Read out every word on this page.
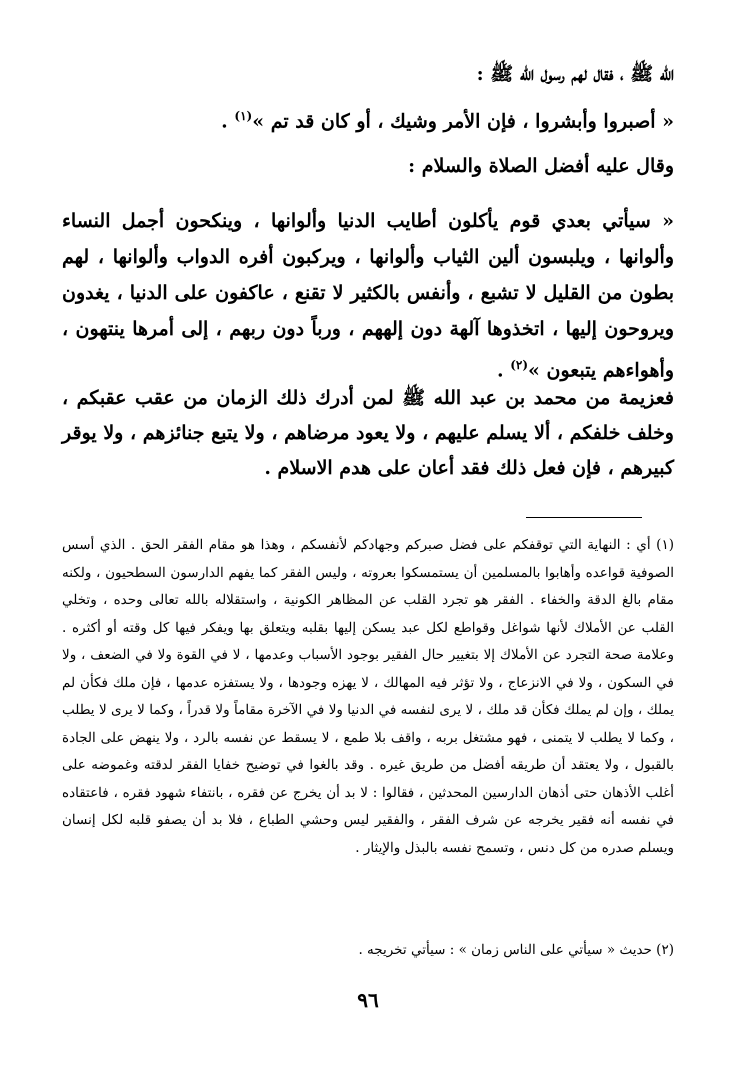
الله ﷺ ، فقال لهم رسول الله ﷺ :
« أصبروا وأبشروا ، فإن الأمر وشيك ، أو كان قد تم »$^{(١)}$ .
وقال عليه أفضل الصلاة والسلام :
« سيأتي بعدي قوم يأكلون أطايب الدنيا وألوانها ، وينكحون أجمل النساء وألوانها ، ويلبسون ألين الثياب وألوانها ، ويركبون أفره الدواب وألوانها ، لهم بطون من القليل لا تشبع ، وأنفس بالكثير لا تقنع ، عاكفون على الدنيا ، يغدون ويروحون إليها ، اتخذوها آلهة دون إلههم ، ورباً دون ربهم ، إلى أمرها ينتهون ، وأهواءهم يتبعون »$^{(٢)}$ .
فعزيمة من محمد بن عبد الله ﷺ لمن أدرك ذلك الزمان من عقب عقبكم ، وخلف خلفكم ، ألا يسلم عليهم ، ولا يعود مرضاهم ، ولا يتبع جنائزهم ، ولا يوقر كبيرهم ، فإن فعل ذلك فقد أعان على هدم الاسلام .
(١) أي : النهاية التي توقفكم على فضل صبركم وجهادكم لأنفسكم ، وهذا هو مقام الفقر الحق . الذي أسس الصوفية قواعده وأهابوا بالمسلمين أن يستمسكوا بعروته ، وليس الفقر كما يفهم الدارسون السطحيون ، ولكنه مقام بالغ الدقة والخفاء . الفقر هو تجرد القلب عن المظاهر الكونية ، واستقلاله بالله تعالى وحده ، وتخلي القلب عن الأملاك لأنها شواغل وقواطع لكل عبد يسكن إليها بقلبه ويتعلق بها ويفكر فيها كل وقته أو أكثره . وعلامة صحة التجرد عن الأملاك إلا بتغيير حال الفقير بوجود الأسباب وعدمها ، لا في القوة ولا في الضعف ، ولا في السكون ، ولا في الانزعاج ، ولا تؤثر فيه المهالك ، لا يهزه وجودها ، ولا يستفزه عدمها ، فإن ملك فكأن لم يملك ، وإن لم يملك فكأن قد ملك ، لا يرى لنفسه في الدنيا ولا في الآخرة مقاماً ولا قدراً ، وكما لا يرى لا يطلب ، وكما لا يطلب لا يتمنى ، فهو مشتغل بربه ، واقف بلا طمع ، لا يسقط عن نفسه بالرد ، ولا ينهض على الجادة بالقبول ، ولا يعتقد أن طريقه أفضل من طريق غيره . وقد بالغوا في توضيح خفايا الفقر لدقته وغموضه على أغلب الأذهان حتى أذهان الدارسين المحدثين ، فقالوا : لا بد أن يخرج عن فقره ، بانتفاء شهود فقره ، فاعتقاده في نفسه أنه فقير يخرجه عن شرف الفقر ، والفقير ليس وحشي الطباع ، فلا بد أن يصفو قلبه لكل إنسان ويسلم صدره من كل دنس ، وتسمح نفسه بالبذل والإيثار .
(٢) حديث « سيأتي على الناس زمان » : سيأتي تخريجه .
٩٦
